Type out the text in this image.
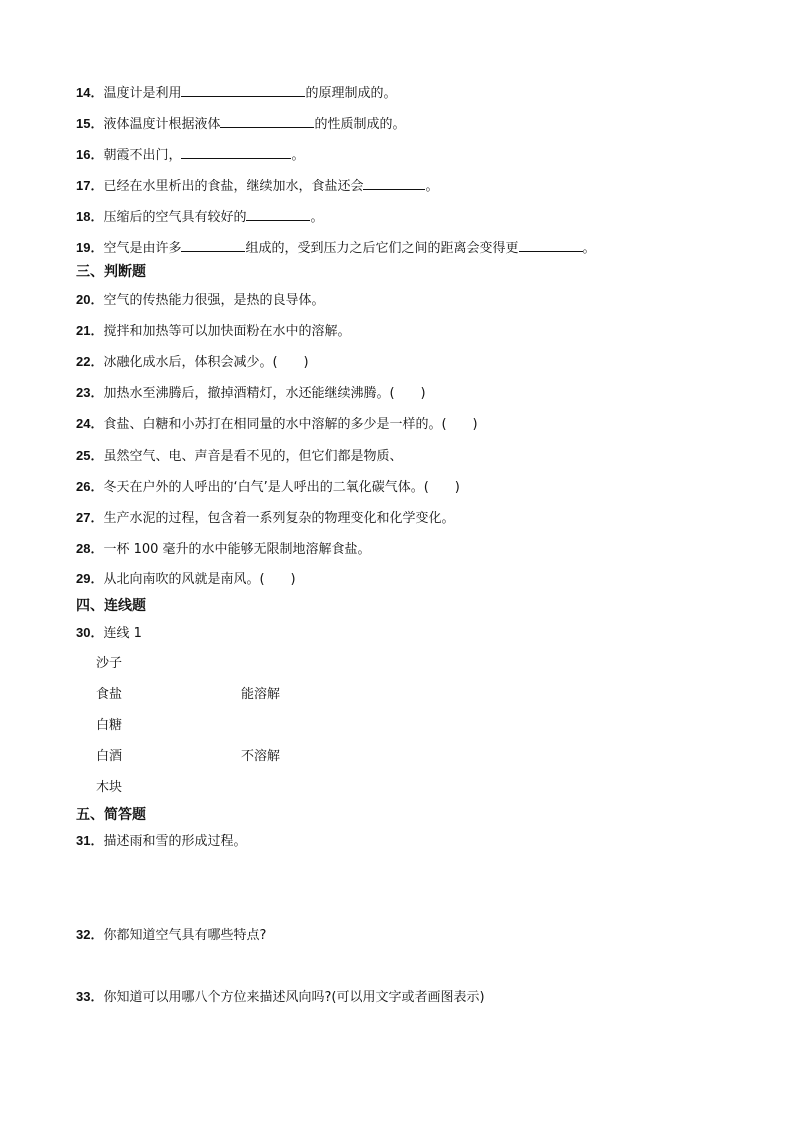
14．温度计是利用	的原理制成的。
15．液体温度计根据液体	的性质制成的。
16．朝霞不出门，	。
17．已经在水里析出的食盐，继续加水，食盐还会	。
18．压缩后的空气具有较好的	。
19．空气是由许多	组成的，受到压力之后它们之间的距离会变得更	。
三、判断题
20．空气的传热能力很强，是热的良导体。
21．搅拌和加热等可以加快面粉在水中的溶解。
22．冰融化成水后，体积会减少。(　　)
23．加热水至沸腾后，撤掉酒精灯，水还能继续沸腾。(　　)
24．食盐、白糖和小苏打在相同量的水中溶解的多少是一样的。(　　)
25．虽然空气、电、声音是看不见的，但它们都是物质、
26．冬天在户外的人呼出的‘白气’是人呼出的二氧化碳气体。(　　)
27．生产水泥的过程，包含着一系列复杂的物理变化和化学变化。
28．一杯 100 毫升的水中能够无限制地溶解食盐。
29．从北向南吹的风就是南风。(　　)
四、连线题
30．连线 1
沙子
食盐	能溶解
白糖
白酒	不溶解
木块
五、简答题
31．描述雨和雪的形成过程。
32．你都知道空气具有哪些特点?
33．你知道可以用哪八个方位来描述风向吗?(可以用文字或者画图表示)
